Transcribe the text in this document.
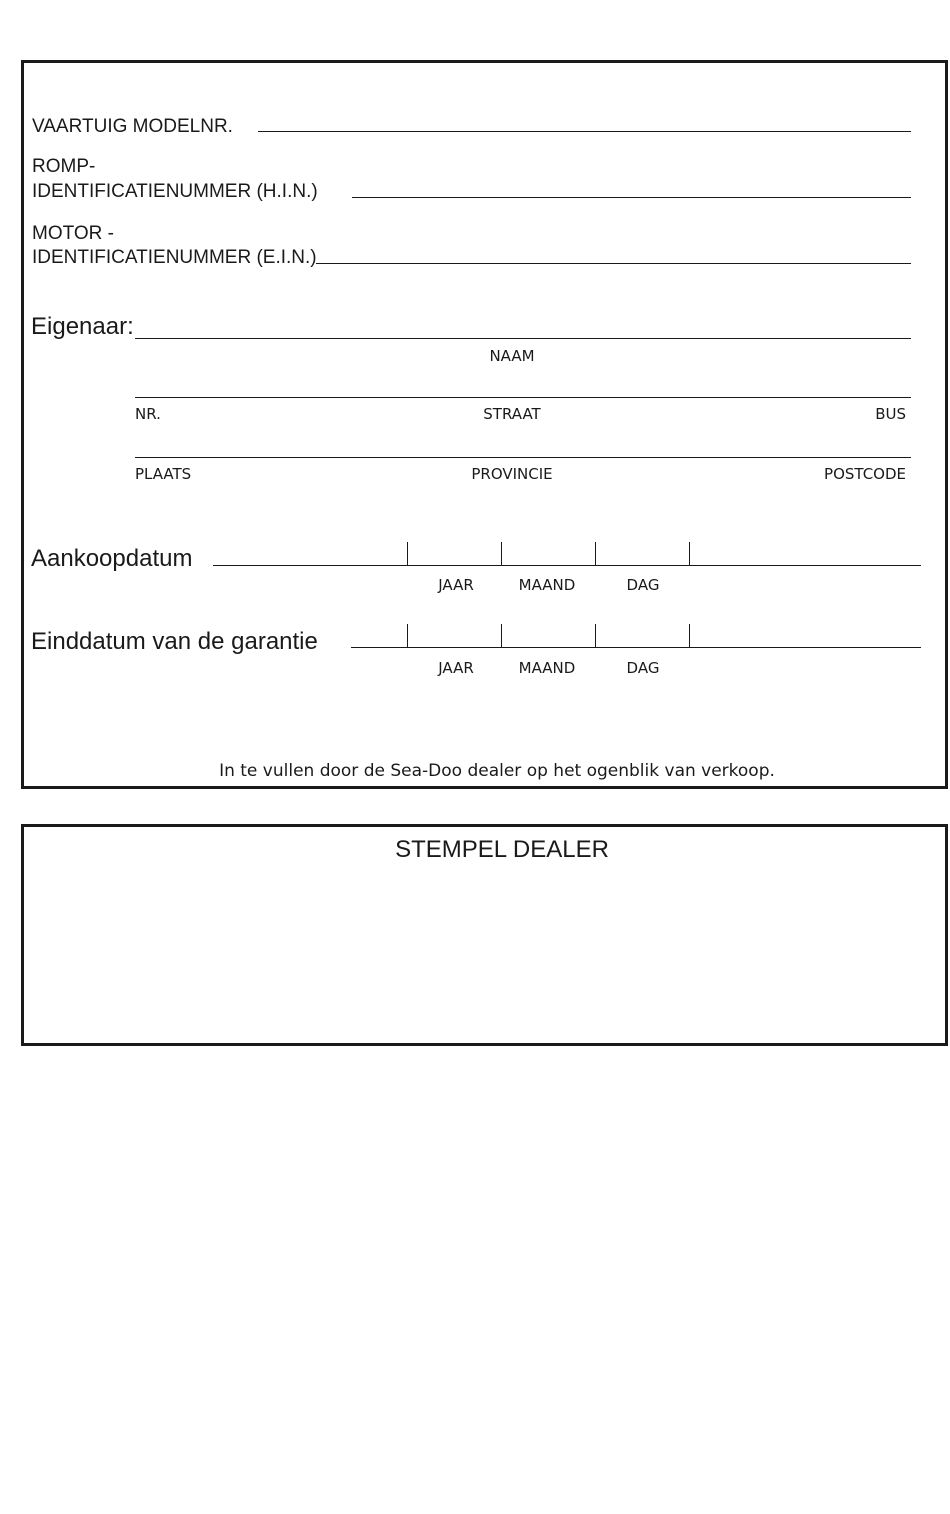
VAARTUIG MODELNR.
ROMP-
IDENTIFICATIENUMMER (H.I.N.)
MOTOR -
IDENTIFICATIENUMMER (E.I.N.)
Eigenaar:
NAAM
NR.	STRAAT	BUS
PLAATS	PROVINCIE	POSTCODE
Aankoopdatum
JAAR	MAAND	DAG
Einddatum van de garantie
JAAR	MAAND	DAG
In te vullen door de Sea-Doo dealer op het ogenblik van verkoop.
STEMPEL DEALER
